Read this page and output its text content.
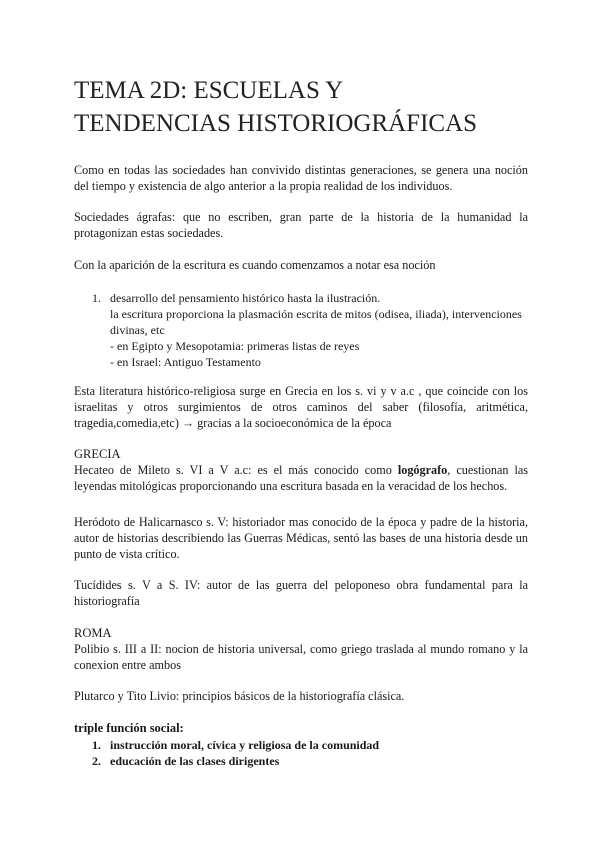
TEMA 2D: ESCUELAS Y
TENDENCIAS HISTORIOGRÁFICAS

Como en todas las sociedades han convivido distintas generaciones, se genera una noción del tiempo y existencia de algo anterior a la propia realidad de los individuos.

Sociedades ágrafas: que no escriben, gran parte de la historia de la humanidad la protagonizan estas sociedades.

Con la aparición de la escritura es cuando comenzamos a notar esa noción

1. desarrollo del pensamiento histórico hasta la ilustración.
la escritura proporciona la plasmación escrita de mitos (odisea, iliada), intervenciones divinas, etc
- en Egipto y Mesopotamia: primeras listas de reyes
- en Israel: Antiguo Testamento

Esta literatura histórico-religiosa surge en Grecia en los s. vi y v a.c , que coincide con los israelitas y otros surgimientos de otros caminos del saber (filosofía, aritmética, tragedia,comedia,etc) → gracias a la socioeconómica de la época

GRECIA

Hecateo de Mileto s. VI a V a.c: es el más conocido como logógrafo, cuestionan las leyendas mitológicas proporcionando una escritura basada en la veracidad de los hechos.

Heródoto de Halicarnasco s. V: historiador mas conocido de la época y padre de la historia, autor de historias describiendo las Guerras Médicas, sentó las bases de una historia desde un punto de vista crítico.

Tucídides s. V a S. IV: autor de las guerra del peloponeso obra fundamental para la historiografía

ROMA

Polibio s. III a II: nocion de historia universal, como griego traslada al mundo romano y la conexion entre ambos

Plutarco y Tito Livio: principios básicos de la historiografía clásica.

triple función social:
1. instrucción moral, cívica y religiosa de la comunidad
2. educación de las clases dirigentes
